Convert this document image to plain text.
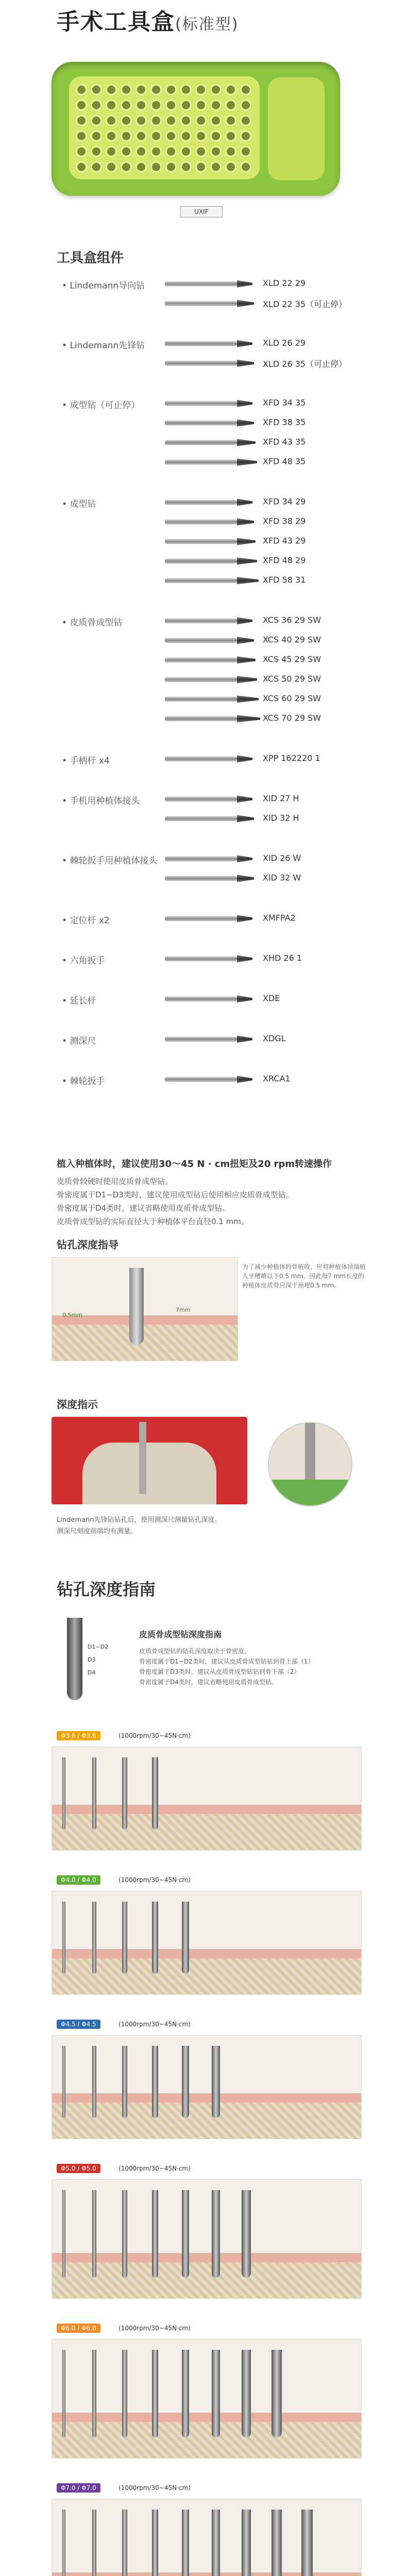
手术工具盒(标准型)
UXIF
工具盒组件
• Lindemann导向钻	XLD 22 29
XLD 22 35（可止停）
• Lindemann先锋钻	XLD 26 29
XLD 26 35（可止停）
• 成型钻（可止停）	XFD 34 35
XFD 38 35
XFD 43 35
XFD 48 35
• 成型钻	XFD 34 29
XFD 38 29
XFD 43 29
XFD 48 29
XFD 58 31
• 皮质骨成型钻	XCS 36 29 SW
XCS 40 29 SW
XCS 45 29 SW
XCS 50 29 SW
XCS 60 29 SW
XCS 70 29 SW
• 手柄杆 x4	XPP 162220 1
• 手机用种植体接头	XID 27 H
XID 32 H
• 棘轮扳手用种植体接头	XID 26 W
XID 32 W
• 定位杆 x2	XMFPA2
• 六角扳手	XHD 26 1
• 延长杆	XDE
• 测深尺	XDGL
• 棘轮扳手	XRCA1
植入种植体时，建议使用30～45 N · cm扭矩及20 rpm转速操作
皮质骨较硬时使用皮质骨成型钻。
骨密度属于D1~D3类时，建议使用成型钻后使用相应皮质骨成型钻。
骨密度属于D4类时，建议省略使用皮质骨成型钻。
皮质骨成型钻的实际直径大于种植体平台直径0.1 mm。
钻孔深度指导
7mm
0.5mm
为了减少种植体的骨植收，应将种植体顶端植入牙槽嵴以下0.5 mm。因此每7 mm长度的种植体皮质骨应深于预埋0.5 mm。
深度指示
Lindemann先锋钻钻孔后，使用测深尺测量钻孔深度。
测深尺刻度前端均有测量。
钻孔深度指南
D1~D2
D3
D4
皮质骨成型钻深度指南
皮质骨成型钻的钻孔深度取决于骨密度。
骨密度属于D1~D2类时，建议从皮质骨成型钻钻到骨上部（1）
骨密度属于D3类时，建议从皮质骨成型钻钻到骨下部（2）
骨密度属于D4类时，建议省略使用皮质骨成型钻。
Φ3.6 / Φ3.6	(1000rpm/30~45N·cm)
Φ4.0 / Φ4.0	(1000rpm/30~45N·cm)
Φ4.5 / Φ4.5	(1000rpm/30~45N·cm)
Φ5.0 / Φ5.0	(1000rpm/30~45N·cm)
Φ6.0 / Φ6.0	(1000rpm/30~45N·cm)
Φ7.0 / Φ7.0	(1000rpm/30~45N·cm)
